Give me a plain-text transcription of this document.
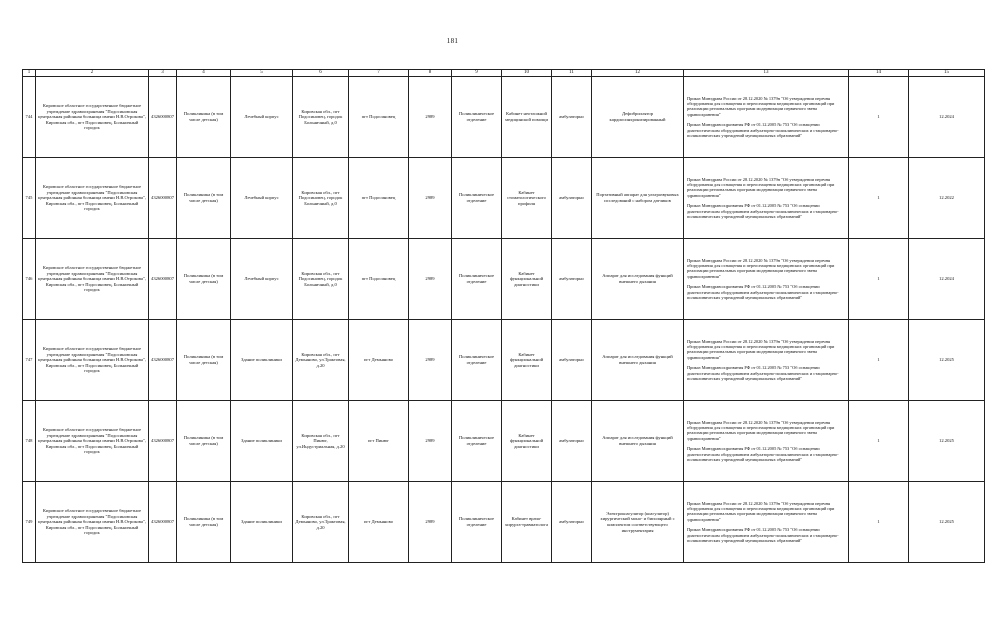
181
1	2	3	4	5	6	7	8	9	10	11	12	13	14	15
744	Кировское областное государственное бюджетное учреждение здравоохранения "Подосиновская центральная районная больница имени Н.В.Отрокова", Кировская обл., пгт Подосиновец, Больничный городок	4326000807	Поликлиника (в том числе детская)	Лечебный корпус	Кировская обл., пгт Подосиновец, городок Больничный, д.0	пгт Подосиновец	2989	Поликлиническое отделение	Кабинет неотложной медицинской помощи	амбулаторно	Дефибриллятор кардиосинхронизированный	Приказ Минздрава России от 28.12.2020 № 1379н "Об утверждении перечня оборудования для оснащения и переоснащения медицинских организаций при реализации региональных программ модернизации первичного звена здравоохранения"

Приказ Минздравсоцразвития РФ от 01.12.2005 № 753 "Об оснащении диагностическим оборудованием амбулаторно-поликлинических и стационарно-поликлинических учреждений муниципальных образований"	1	12.2024
745	Кировское областное государственное бюджетное учреждение здравоохранения "Подосиновская центральная районная больница имени Н.В.Отрокова", Кировская обл., пгт Подосиновец, Больничный городок	4326000807	Поликлиника (в том числе детская)	Лечебный корпус	Кировская обл., пгт Подосиновец, городок Больничный, д.0	пгт Подосиновец	2989	Поликлиническое отделение	Кабинет стоматологического профиля	амбулаторно	Портативный аппарат для ультразвуковых исследований с набором датчиков	Приказ Минздрава России от 28.12.2020 № 1379н "Об утверждении перечня оборудования для оснащения и переоснащения медицинских организаций при реализации региональных программ модернизации первичного звена здравоохранения"

Приказ Минздравсоцразвития РФ от 01.12.2005 № 753 "Об оснащении диагностическим оборудованием амбулаторно-поликлинических и стационарно-поликлинических учреждений муниципальных образований"	1	12.2022
746	Кировское областное государственное бюджетное учреждение здравоохранения "Подосиновская центральная районная больница имени Н.В.Отрокова", Кировская обл., пгт Подосиновец, Больничный городок	4326000807	Поликлиника (в том числе детская)	Лечебный корпус	Кировская обл., пгт Подосиновец, городок Больничный, д.0	пгт Подосиновец	2989	Поликлиническое отделение	Кабинет функциональной диагностики	амбулаторно	Аппарат для исследования функций внешнего дыхания	Приказ Минздрава России от 28.12.2020 № 1379н "Об утверждении перечня оборудования для оснащения и переоснащения медицинских организаций при реализации региональных программ модернизации первичного звена здравоохранения"

Приказ Минздравсоцразвития РФ от 01.12.2005 № 753 "Об оснащении диагностическим оборудованием амбулаторно-поликлинических и стационарно-поликлинических учреждений муниципальных образований"	1	12.2024
747	Кировское областное государственное бюджетное учреждение здравоохранения "Подосиновская центральная районная больница имени Н.В.Отрокова", Кировская обл., пгт Подосиновец, Больничный городок	4326000807	Поликлиника (в том числе детская)	Здание поликлиники	Кировская обл., пгт Демьяново, ул.Трактовая, д.20	пгт Демьяново	2989	Поликлиническое отделение	Кабинет функциональной диагностики	амбулаторно	Аппарат для исследования функций внешнего дыхания	Приказ Минздрава России от 28.12.2020 № 1379н "Об утверждении перечня оборудования для оснащения и переоснащения медицинских организаций при реализации региональных программ модернизации первичного звена здравоохранения"

Приказ Минздравсоцразвития РФ от 01.12.2005 № 753 "Об оснащении диагностическим оборудованием амбулаторно-поликлинических и стационарно-поликлинических учреждений муниципальных образований"	1	12.2025
748	Кировское областное государственное бюджетное учреждение здравоохранения "Подосиновская центральная районная больница имени Н.В.Отрокова", Кировская обл., пгт Подосиновец, Больничный городок	4326000807	Поликлиника (в том числе детская)	Здание поликлиники	Кировская обл., пгт Пинюг, ул.Индустриальная, д.20	пгт Пинюг	2989	Поликлиническое отделение	Кабинет функциональной диагностики	амбулаторно	Аппарат для исследования функций внешнего дыхания	Приказ Минздрава России от 28.12.2020 № 1379н "Об утверждении перечня оборудования для оснащения и переоснащения медицинских организаций при реализации региональных программ модернизации первичного звена здравоохранения"

Приказ Минздравсоцразвития РФ от 01.12.2005 № 753 "Об оснащении диагностическим оборудованием амбулаторно-поликлинических и стационарно-поликлинических учреждений муниципальных образований"	1	12.2025
749	Кировское областное государственное бюджетное учреждение здравоохранения "Подосиновская центральная районная больница имени Н.В.Отрокова", Кировская обл., пгт Подосиновец, Больничный городок	4326000807	Поликлиника (в том числе детская)	Здание поликлиники	Кировская обл., пгт Демьяново, ул.Трактовая, д.20	пгт Демьяново	2989	Поликлиническое отделение	Кабинет врача-хирурга-травматолога	амбулаторно	Электрокоагулятор (коагулятор) хирургический моно- и биполярный с комплектом соответствующего инструментария	Приказ Минздрава России от 28.12.2020 № 1379н "Об утверждении перечня оборудования для оснащения и переоснащения медицинских организаций при реализации региональных программ модернизации первичного звена здравоохранения"

Приказ Минздравсоцразвития РФ от 01.12.2005 № 753 "Об оснащении диагностическим оборудованием амбулаторно-поликлинических и стационарно-поликлинических учреждений муниципальных образований"	1	12.2025
